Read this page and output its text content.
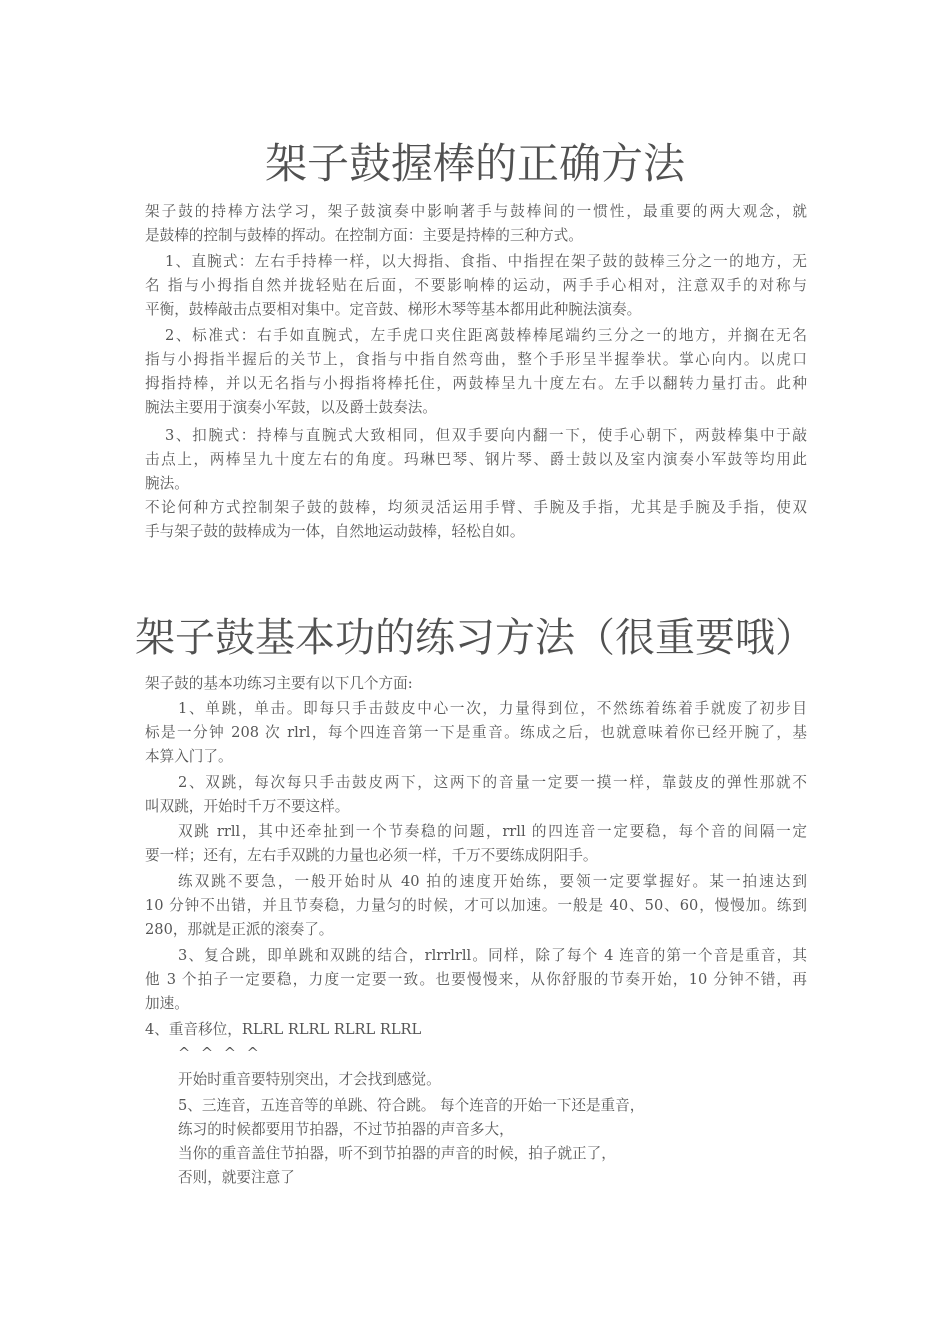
架子鼓握棒的正确方法
架子鼓的持棒方法学习，架子鼓演奏中影响著手与鼓棒间的一惯性，最重要的两大观念，就
是鼓棒的控制与鼓棒的挥动。在控制方面：主要是持棒的三种方式。
1、直腕式：左右手持棒一样，以大拇指、食指、中指捏在架子鼓的鼓棒三分之一的地方，无
名 指与小拇指自然并拢轻贴在后面，不要影响棒的运动，两手手心相对，注意双手的对称与
平衡，鼓棒敲击点要相对集中。定音鼓、梯形木琴等基本都用此种腕法演奏。
2、标准式：右手如直腕式，左手虎口夹住距离鼓棒棒尾端约三分之一的地方，并搁在无名
指与小拇指半握后的关节上，食指与中指自然弯曲，整个手形呈半握拳状。掌心向内。以虎口
拇指持棒，并以无名指与小拇指将棒托住，两鼓棒呈九十度左右。左手以翻转力量打击。此种
腕法主要用于演奏小军鼓，以及爵士鼓奏法。
3、扣腕式：持棒与直腕式大致相同，但双手要向内翻一下，使手心朝下，两鼓棒集中于敲
击点上，两棒呈九十度左右的角度。玛琳巴琴、钢片琴、爵士鼓以及室内演奏小军鼓等均用此
腕法。
不论何种方式控制架子鼓的鼓棒，均须灵活运用手臂、手腕及手指，尤其是手腕及手指，使双
手与架子鼓的鼓棒成为一体，自然地运动鼓棒，轻松自如。
架子鼓基本功的练习方法（很重要哦）
架子鼓的基本功练习主要有以下几个方面:
1、单跳，单击。即每只手击鼓皮中心一次，力量得到位，不然练着练着手就废了初步目
标是一分钟 208 次 rlrl，每个四连音第一下是重音。练成之后，也就意味着你已经开腕了，基
本算入门了。
2、双跳，每次每只手击鼓皮两下，这两下的音量一定要一摸一样，靠鼓皮的弹性那就不
叫双跳，开始时千万不要这样。
双跳 rrll，其中还牵扯到一个节奏稳的问题，rrll 的四连音一定要稳，每个音的间隔一定
要一样；还有，左右手双跳的力量也必须一样，千万不要练成阴阳手。
练双跳不要急，一般开始时从 40 拍的速度开始练，要领一定要掌握好。某一拍速达到
10 分钟不出错，并且节奏稳，力量匀的时候，才可以加速。一般是 40、50、60，慢慢加。练到
280，那就是正派的滚奏了。
3、复合跳，即单跳和双跳的结合，rlrrlrll。同样，除了每个 4 连音的第一个音是重音，其
他 3 个拍子一定要稳，力度一定要一致。也要慢慢来，从你舒服的节奏开始，10 分钟不错，再
加速。
4、重音移位，RLRL RLRL RLRL RLRL
^ ^ ^ ^
开始时重音要特别突出，才会找到感觉。
5、三连音，五连音等的单跳、符合跳。 每个连音的开始一下还是重音，
练习的时候都要用节拍器，不过节拍器的声音多大，
当你的重音盖住节拍器，听不到节拍器的声音的时候，拍子就正了，
否则，就要注意了
